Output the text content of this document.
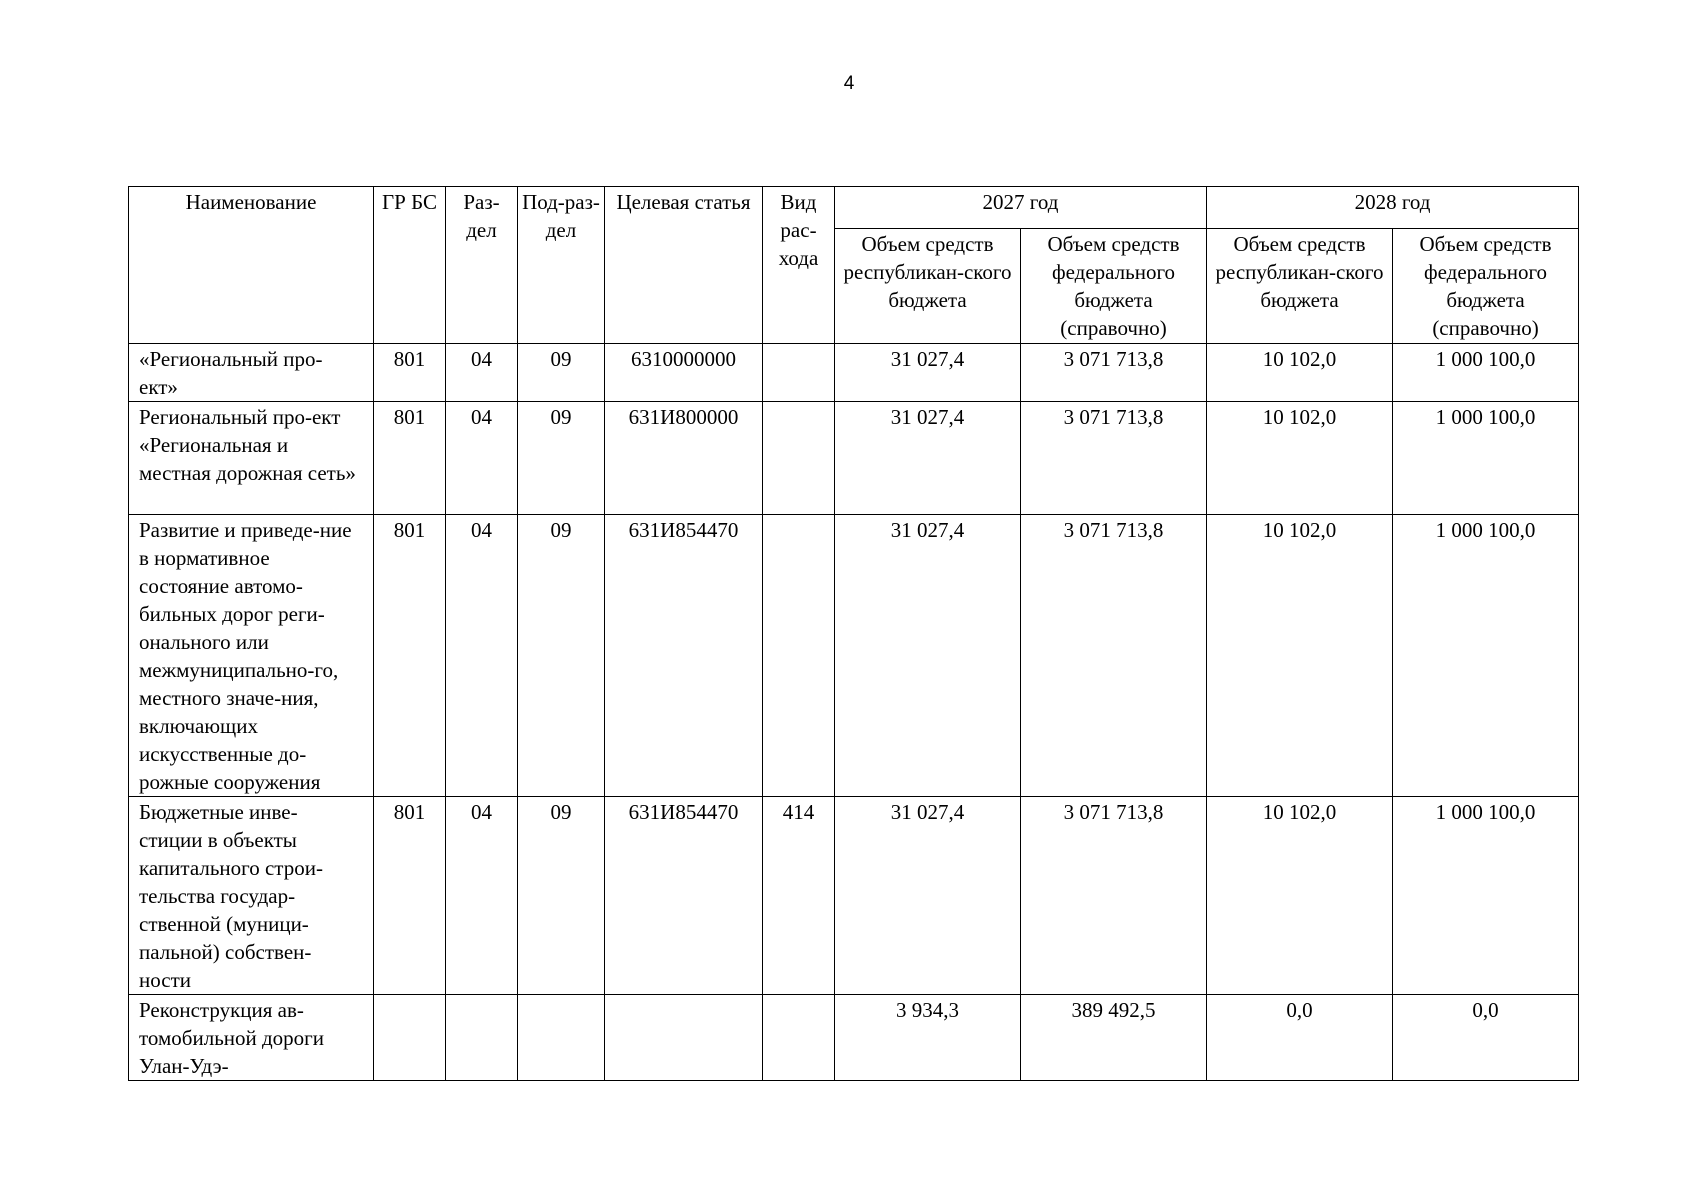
4
Наименование	ГР БС	Раз-дел	Под-раз-дел	Целевая статья	Вид рас-хода	2027 год		2028 год	
						Объем средств республикан-ского бюджета	Объем средств федерального бюджета (справочно)	Объем средств республикан-ского бюджета	Объем средств федерального бюджета (справочно)
«Региональный про-ект»	801	04	09	6310000000		31 027,4	3 071 713,8	10 102,0	1 000 100,0
Региональный про-ект «Региональная и местная дорожная сеть»	801	04	09	631И800000		31 027,4	3 071 713,8	10 102,0	1 000 100,0
Развитие и приведе-ние в нормативное состояние автомо-бильных дорог реги-онального или межмуниципально-го, местного значе-ния, включающих искусственные до-рожные сооружения	801	04	09	631И854470		31 027,4	3 071 713,8	10 102,0	1 000 100,0
Бюджетные инве-стиции в объекты капитального строи-тельства государ-ственной (муници-пальной) собствен-ности	801	04	09	631И854470	414	31 027,4	3 071 713,8	10 102,0	1 000 100,0
Реконструкция ав-томобильной дороги Улан-Удэ-						3 934,3	389 492,5	0,0	0,0
